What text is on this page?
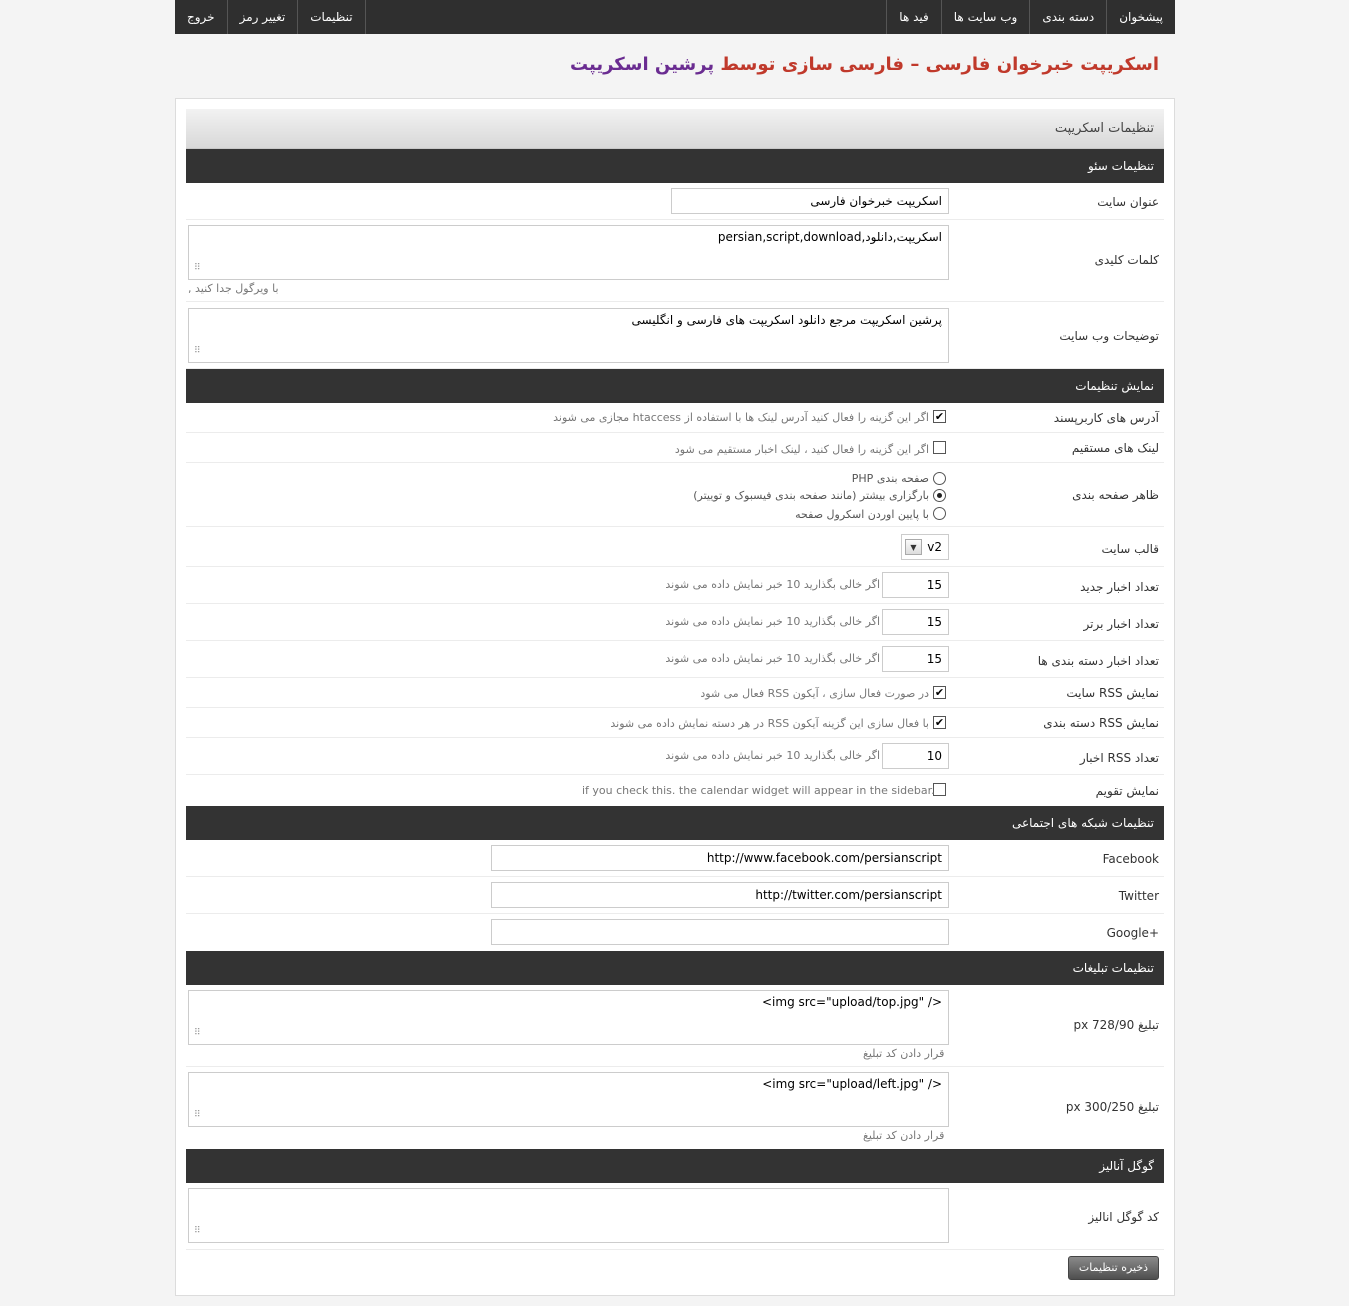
پیشخوان
دسته بندی
وب سایت ها
فید ها
تنظیمات
تغییر رمز
خروج
اسکریپت خبرخوان فارسی – فارسی سازی توسط پرشین اسکریپت
تنظیمات اسکریپت
تنظیمات سئو
عنوان سایت
اسکریپت خبرخوان فارسی
کلمات کلیدی
persian,script,download,اسکریپت,دانلود
⠿
با ویرگول جدا کنید ,
توضیحات وب سایت
پرشین اسکریپت مرجع دانلود اسکریپت های فارسی و انگلیسی
⠿
نمایش تنظیمات
آدرس های کاربرپسند
✔
اگر این گزینه را فعال کنید آدرس لینک ها با استفاده از htaccess مجازی می شوند
لینک های مستقیم
اگر این گزینه را فعال کنید ، لینک اخبار مستقیم می شود
ظاهر صفحه بندی
صفحه بندی PHP
بارگزاری بیشتر (مانند صفحه بندی فیسبوک و توییتر)
با پایین اوردن اسکرول صفحه
قالب سایت
v2
▼
تعداد اخبار جدید
15
اگر خالی بگذارید 10 خبر نمایش داده می شوند
تعداد اخبار برتر
15
اگر خالی بگذارید 10 خبر نمایش داده می شوند
تعداد اخبار دسته بندی ها
15
اگر خالی بگذارید 10 خبر نمایش داده می شوند
نمایش RSS سایت
✔
در صورت فعال سازی ، آیکون RSS فعال می شود
نمایش RSS دسته بندی
✔
با فعال سازی این گزینه آیکون RSS در هر دسته نمایش داده می شوند
تعداد RSS اخبار
10
اگر خالی بگذارید 10 خبر نمایش داده می شوند
نمایش تقویم
if you check this. the calendar widget will appear in the sidebar.
تنظیمات شبکه های اجتماعی
Facebook
http://www.facebook.com/persianscript
Twitter
http://twitter.com/persianscript
Google+
تنظیمات تبلیغات
تبلیغ 728/90 px
<img src="upload/top.jpg" />
⠿
قرار دادن کد تبلیغ
تبلیغ 300/250 px
<img src="upload/left.jpg" />
⠿
قرار دادن کد تبلیغ
گوگل آنالیز
کد گوگل انالیز
⠿
ذخیره تنظیمات
